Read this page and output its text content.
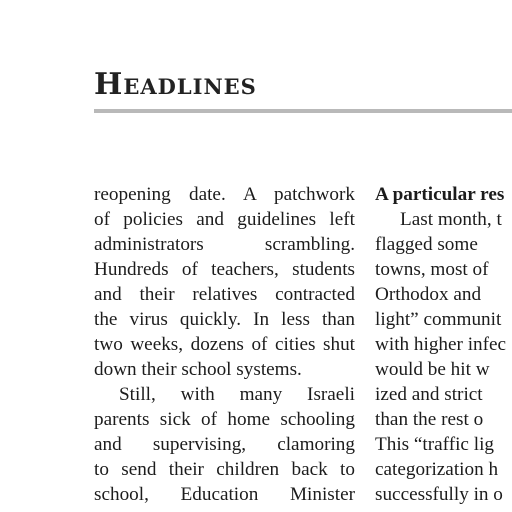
Headlines
reopening date. A patchwork
of policies and guidelines left
administrators scrambling.
Hundreds of teachers, students
and their relatives contracted
the virus quickly. In less than
two weeks, dozens of cities shut
down their school systems.
Still, with many Israeli
parents sick of home schooling
and supervising, clamoring
to send their children back to
school, Education Minister
A particular res
Last month, t
flagged some
towns, most of
Orthodox and
light” communit
with higher infec
would be hit w
ized and strict
than the rest o
This “traffic lig
categorization h
successfully in o
